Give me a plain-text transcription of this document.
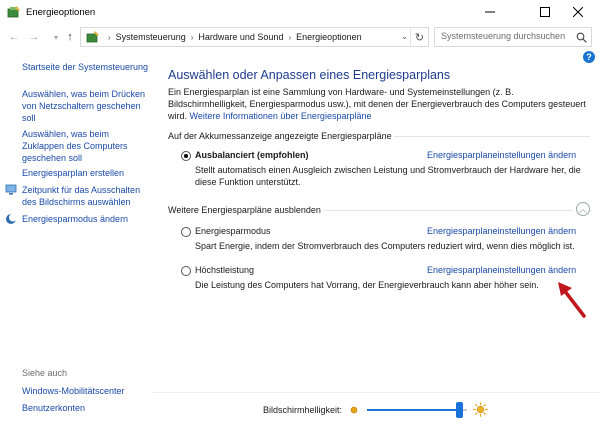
Energieoptionen
← → ▾ ↑	› Systemsteuerung › Hardware und Sound › Energieoptionen	⌄ ↻
Systemsteuerung durchsuchen
?
Startseite der Systemsteuerung
Auswählen, was beim Drücken von Netzschaltern geschehen soll
Auswählen, was beim Zuklappen des Computers geschehen soll
Energiesparplan erstellen
Zeitpunkt für das Ausschalten des Bildschirms auswählen
Energiesparmodus ändern
Siehe auch
Windows-Mobilitätscenter
Benutzerkonten
Auswählen oder Anpassen eines Energiesparplans
Ein Energiesparplan ist eine Sammlung von Hardware- und Systemeinstellungen (z. B. Bildschirmhelligkeit, Energiesparmodus usw.), mit denen der Energieverbrauch des Computers gesteuert wird. Weitere Informationen über Energiesparpläne
Auf der Akkumessanzeige angezeigte Energiesparpläne
Ausbalanciert (empfohlen)	Energiesparplaneinstellungen ändern
Stellt automatisch einen Ausgleich zwischen Leistung und Stromverbrauch der Hardware her, die diese Funktion unterstützt.
Weitere Energiesparpläne ausblenden	︿
Energiesparmodus	Energiesparplaneinstellungen ändern
Spart Energie, indem der Stromverbrauch des Computers reduziert wird, wenn dies möglich ist.
Höchstleistung	Energiesparplaneinstellungen ändern
Die Leistung des Computers hat Vorrang, der Energieverbrauch kann aber höher sein.
Bildschirmhelligkeit:
